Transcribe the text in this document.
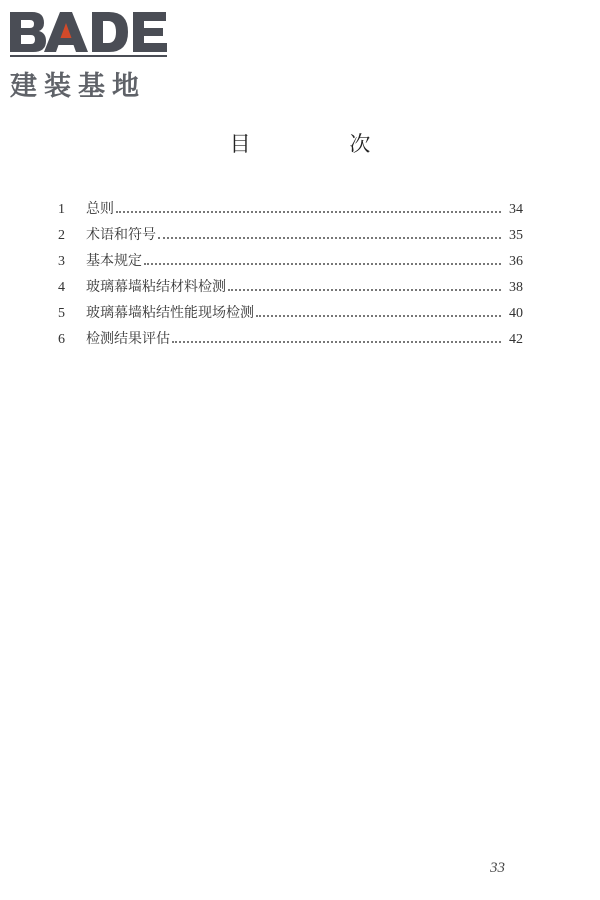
建装基地
目 次
1	总则	34
2	术语和符号	35
3	基本规定	36
4	玻璃幕墙粘结材料检测	38
5	玻璃幕墙粘结性能现场检测	40
6	检测结果评估	42
33
